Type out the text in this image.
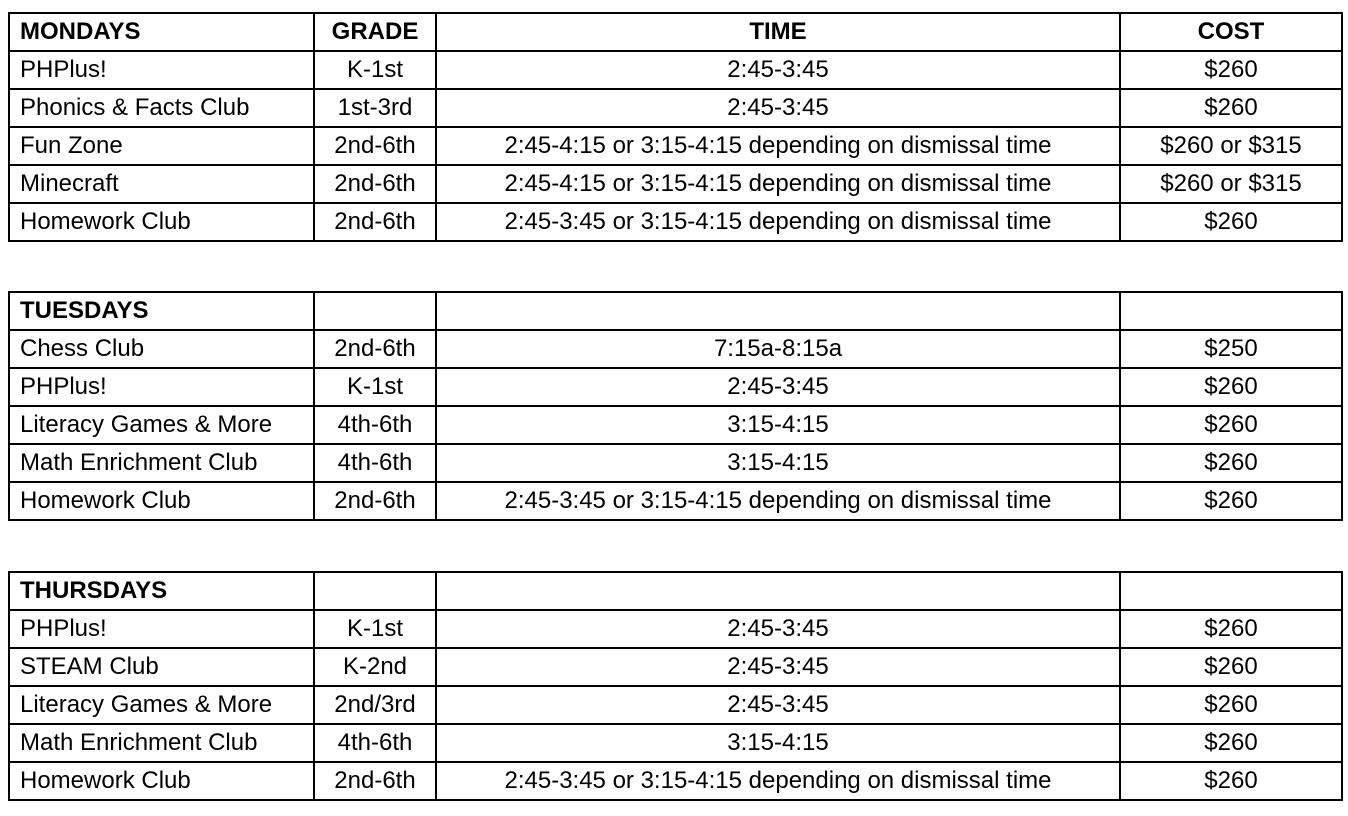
MONDAYS	GRADE	TIME	COST
PHPlus!	K-1st	2:45-3:45	$260
Phonics & Facts Club	1st-3rd	2:45-3:45	$260
Fun Zone	2nd-6th	2:45-4:15 or 3:15-4:15 depending on dismissal time	$260 or $315
Minecraft	2nd-6th	2:45-4:15 or 3:15-4:15 depending on dismissal time	$260 or $315
Homework Club	2nd-6th	2:45-3:45 or 3:15-4:15 depending on dismissal time	$260
TUESDAYS			
Chess Club	2nd-6th	7:15a-8:15a	$250
PHPlus!	K-1st	2:45-3:45	$260
Literacy Games & More	4th-6th	3:15-4:15	$260
Math Enrichment Club	4th-6th	3:15-4:15	$260
Homework Club	2nd-6th	2:45-3:45 or 3:15-4:15 depending on dismissal time	$260
THURSDAYS			
PHPlus!	K-1st	2:45-3:45	$260
STEAM Club	K-2nd	2:45-3:45	$260
Literacy Games & More	2nd/3rd	2:45-3:45	$260
Math Enrichment Club	4th-6th	3:15-4:15	$260
Homework Club	2nd-6th	2:45-3:45 or 3:15-4:15 depending on dismissal time	$260
